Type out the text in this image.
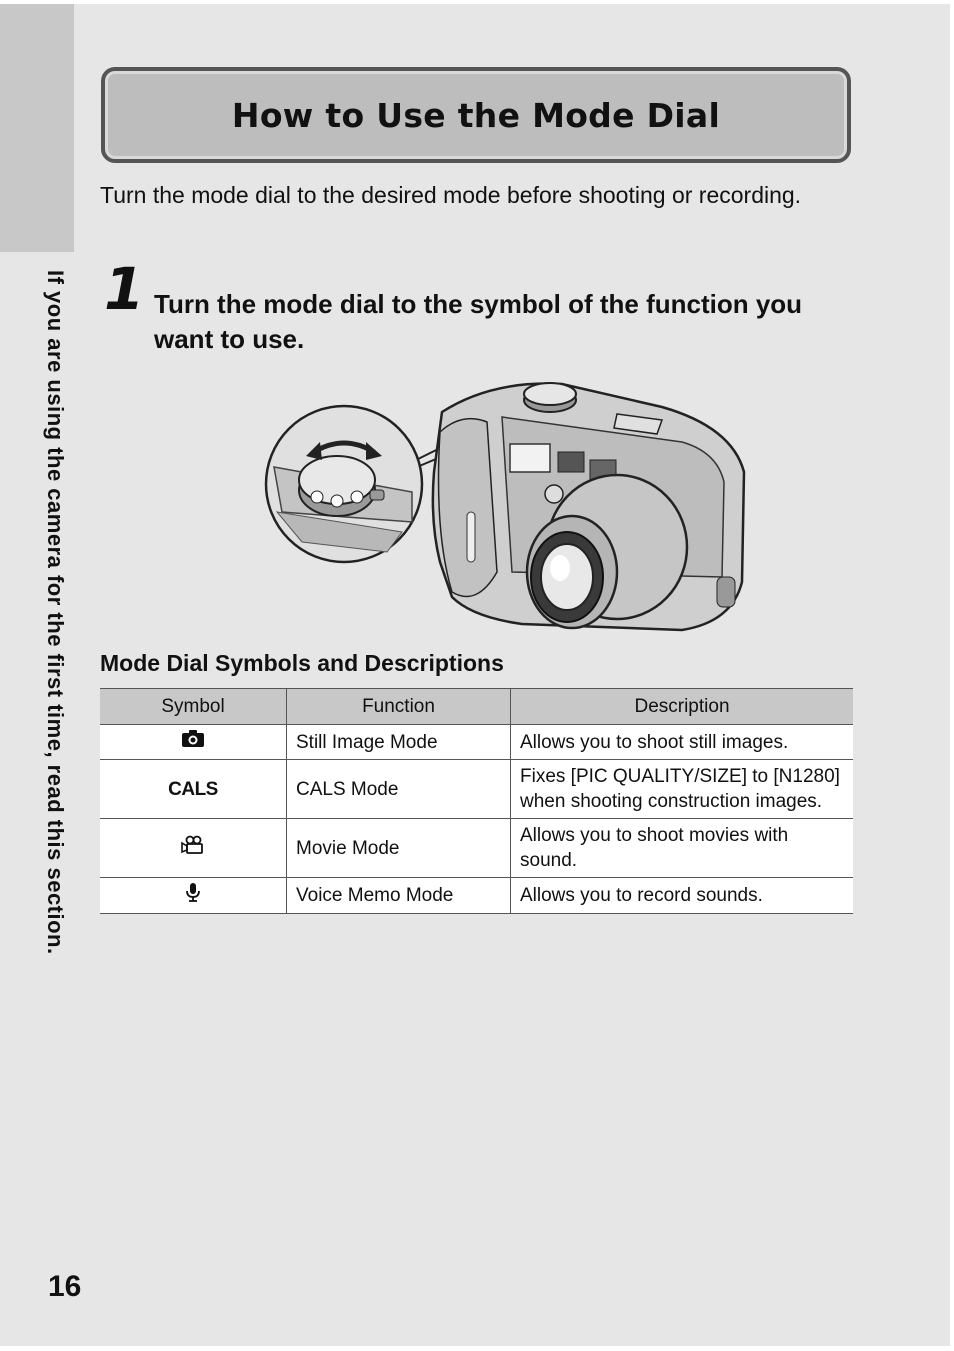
If you are using the camera for the first time, read this section.
How to Use the Mode Dial
Turn the mode dial to the desired mode before shooting or recording.
1 Turn the mode dial to the symbol of the function you want to use.
Mode Dial Symbols and Descriptions
Symbol	Function	Description
	Still Image Mode	Allows you to shoot still images.
CALS	CALS Mode	Fixes [PIC QUALITY/SIZE] to [N1280] when shooting construction images.
	Movie Mode	Allows you to shoot movies with sound.
	Voice Memo Mode	Allows you to record sounds.
16
